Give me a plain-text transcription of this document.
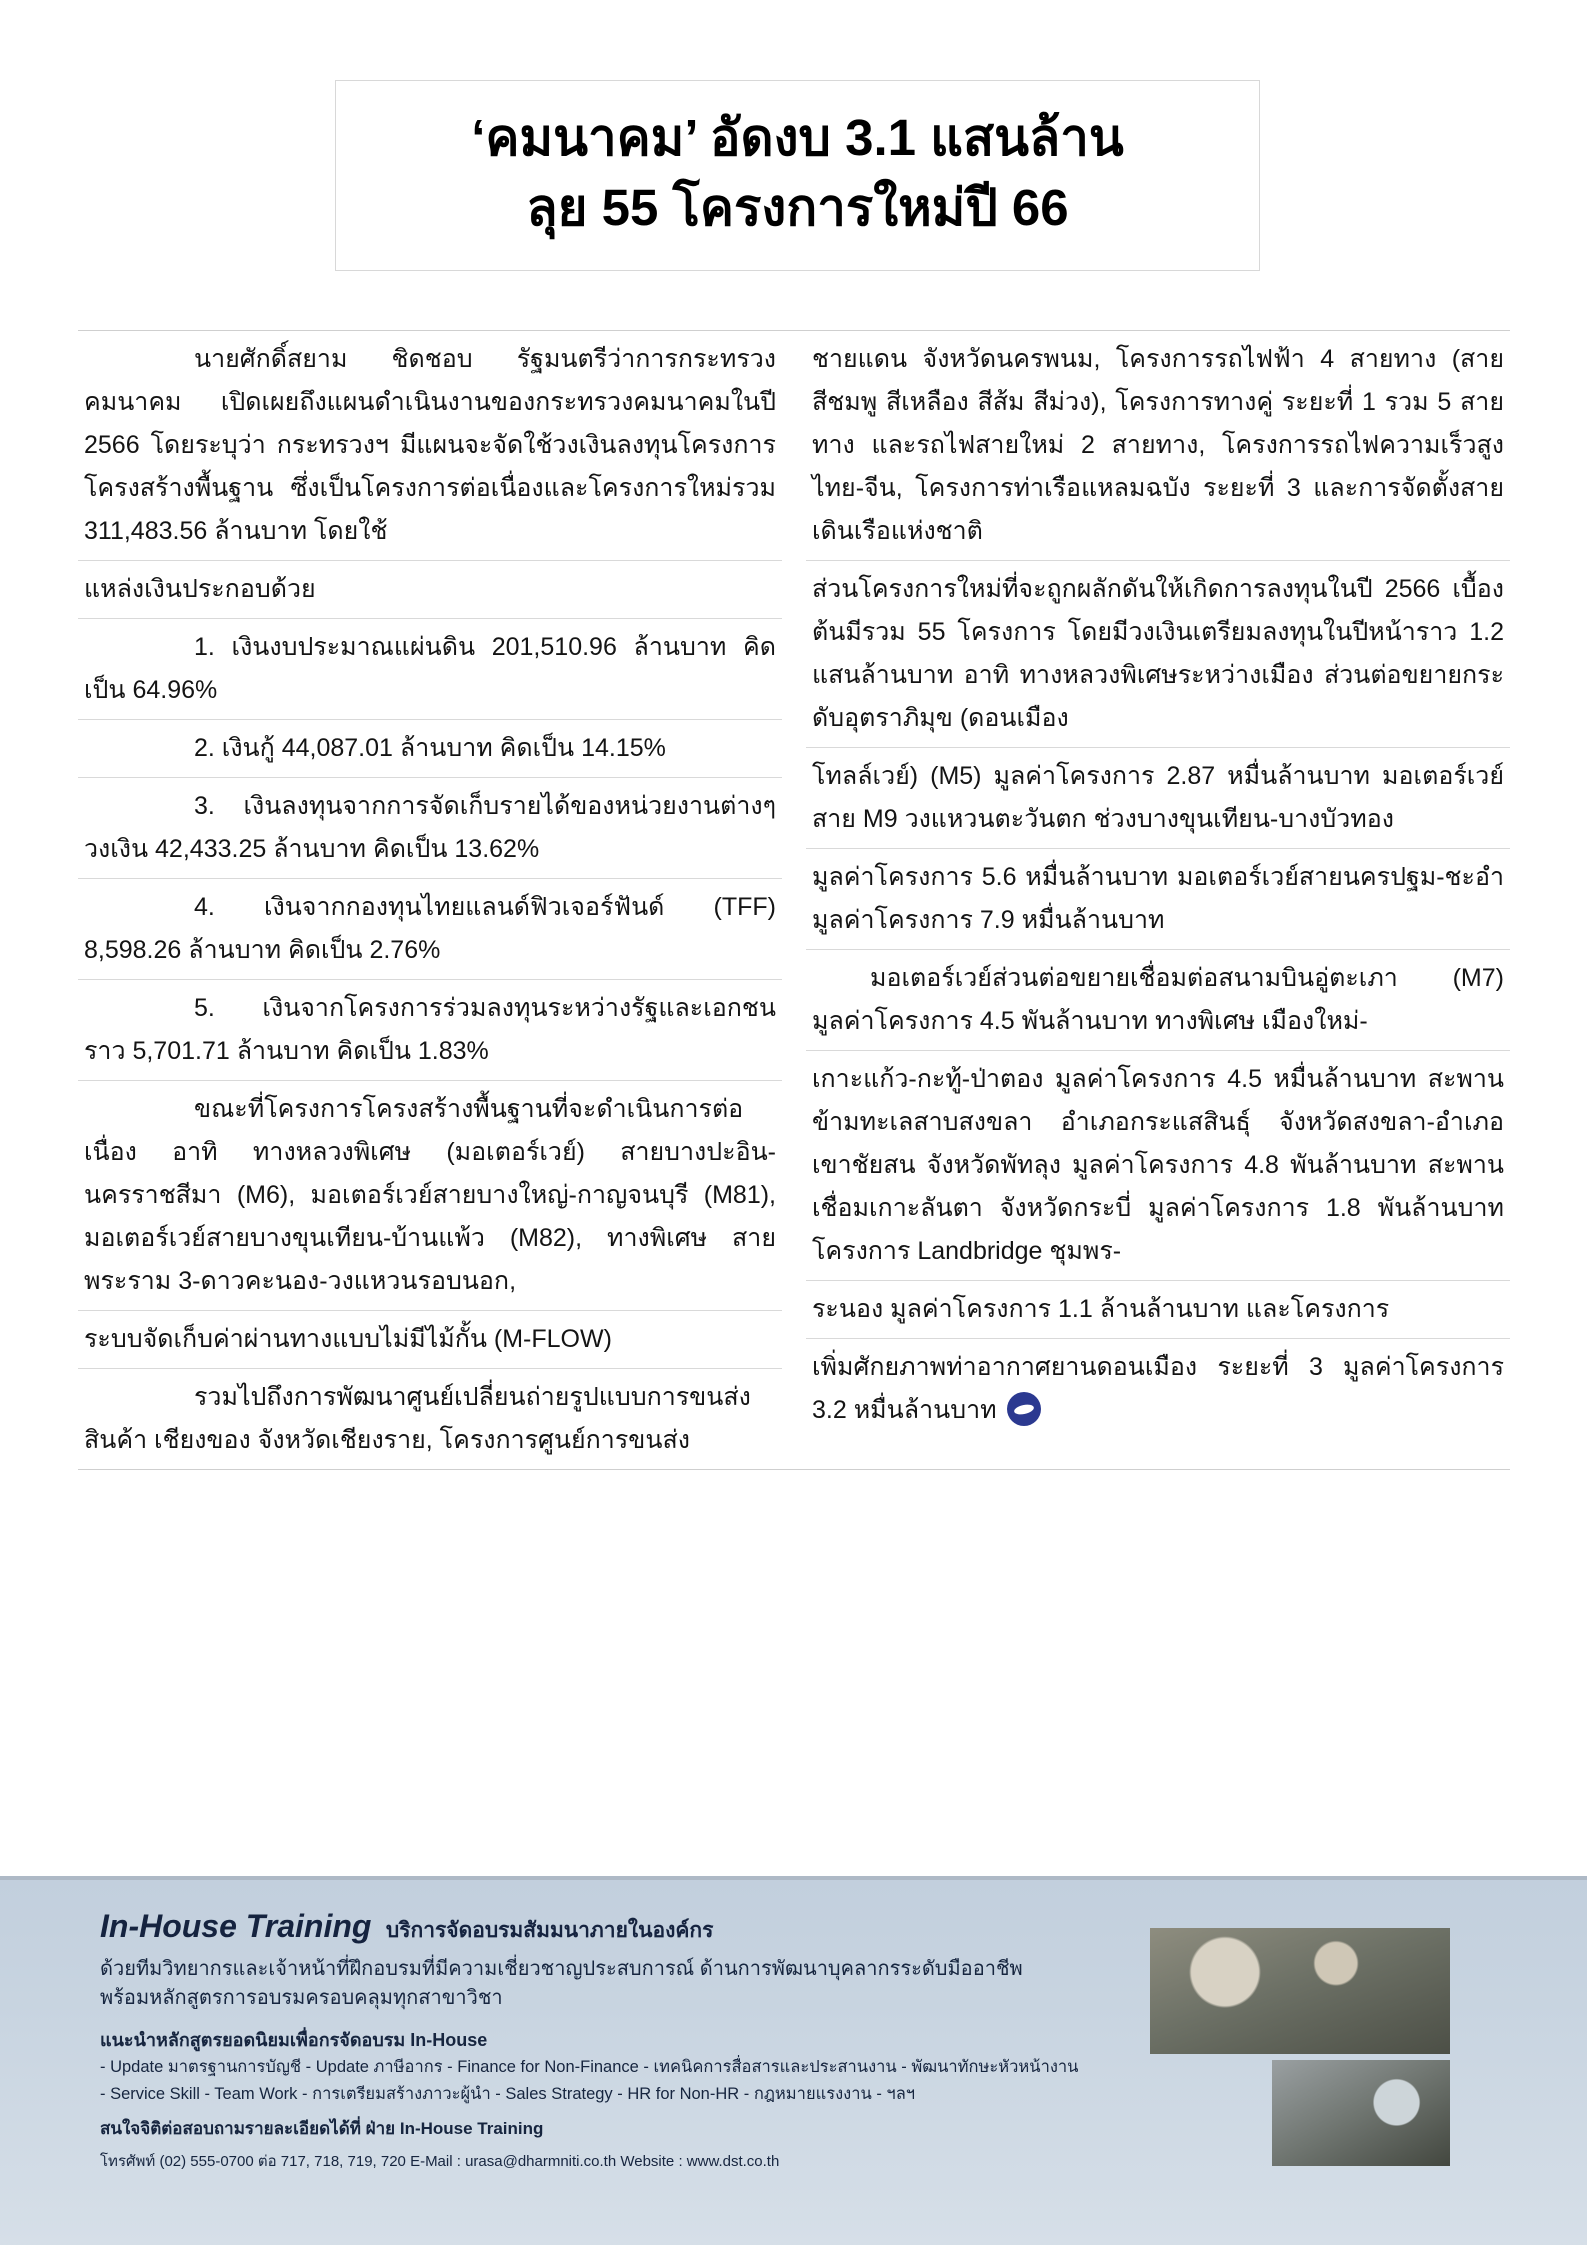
‘คมนาคม’ อัดงบ 3.1 แสนล้าน
ลุย 55 โครงการใหม่ปี 66

นายศักดิ์สยาม ชิดชอบ รัฐมนตรีว่าการกระทรวงคมนาคม เปิดเผยถึงแผนดําเนินงานของกระทรวงคมนาคมในปี 2566 โดยระบุว่า กระทรวงฯ มีแผนจะจัดใช้วงเงินลงทุนโครงการโครงสร้างพื้นฐาน ซึ่งเป็นโครงการต่อเนื่องและโครงการใหม่รวม 311,483.56 ล้านบาท โดยใช้

แหล่งเงินประกอบด้วย

1. เงินงบประมาณแผ่นดิน 201,510.96 ล้านบาท คิดเป็น 64.96%

2. เงินกู้ 44,087.01 ล้านบาท คิดเป็น 14.15%

3. เงินลงทุนจากการจัดเก็บรายได้ของหน่วยงานต่างๆ วงเงิน 42,433.25 ล้านบาท คิดเป็น 13.62%

4. เงินจากกองทุนไทยแลนด์ฟิวเจอร์ฟันด์ (TFF) 8,598.26 ล้านบาท คิดเป็น 2.76%

5. เงินจากโครงการร่วมลงทุนระหว่างรัฐและเอกชน ราว 5,701.71 ล้านบาท คิดเป็น 1.83%

ขณะที่โครงการโครงสร้างพื้นฐานที่จะดําเนินการต่อเนื่อง อาทิ ทางหลวงพิเศษ (มอเตอร์เวย์) สายบางปะอิน-นครราชสีมา (M6), มอเตอร์เวย์สายบางใหญ่-กาญจนบุรี (M81), มอเตอร์เวย์สายบางขุนเทียน-บ้านแพ้ว (M82), ทางพิเศษ สายพระราม 3-ดาวคะนอง-วงแหวนรอบนอก,

ระบบจัดเก็บค่าผ่านทางแบบไม่มีไม้กั้น (M-FLOW)

รวมไปถึงการพัฒนาศูนย์เปลี่ยนถ่ายรูปแบบการขนส่งสินค้า เชียงของ จังหวัดเชียงราย, โครงการศูนย์การขนส่ง

ชายแดน จังหวัดนครพนม, โครงการรถไฟฟ้า 4 สายทาง (สายสีชมพู สีเหลือง สีส้ม สีม่วง), โครงการทางคู่ ระยะที่ 1 รวม 5 สายทาง และรถไฟสายใหม่ 2 สายทาง, โครงการรถไฟความเร็วสูง ไทย-จีน, โครงการท่าเรือแหลมฉบัง ระยะที่ 3 และการจัดตั้งสายเดินเรือแห่งชาติ

ส่วนโครงการใหม่ที่จะถูกผลักดันให้เกิดการลงทุนในปี 2566 เบื้องต้นมีรวม 55 โครงการ โดยมีวงเงินเตรียมลงทุนในปีหน้าราว 1.2 แสนล้านบาท อาทิ ทางหลวงพิเศษระหว่างเมือง ส่วนต่อขยายกระดับอุตราภิมุข (ดอนเมือง

โทลล์เวย์) (M5) มูลค่าโครงการ 2.87 หมื่นล้านบาท มอเตอร์เวย์สาย M9 วงแหวนตะวันตก ช่วงบางขุนเทียน-บางบัวทอง

มูลค่าโครงการ 5.6 หมื่นล้านบาท มอเตอร์เวย์สายนครปฐม-ชะอํา มูลค่าโครงการ 7.9 หมื่นล้านบาท

มอเตอร์เวย์ส่วนต่อขยายเชื่อมต่อสนามบินอู่ตะเภา (M7) มูลค่าโครงการ 4.5 พันล้านบาท ทางพิเศษ เมืองใหม่-

เกาะแก้ว-กะทู้-ป่าตอง มูลค่าโครงการ 4.5 หมื่นล้านบาท สะพานข้ามทะเลสาบสงขลา อําเภอกระแสสินธุ์ จังหวัดสงขลา-อําเภอเขาชัยสน จังหวัดพัทลุง มูลค่าโครงการ 4.8 พันล้านบาท สะพานเชื่อมเกาะลันตา จังหวัดกระบี่ มูลค่าโครงการ 1.8 พันล้านบาท โครงการ Landbridge ชุมพร-

ระนอง มูลค่าโครงการ 1.1 ล้านล้านบาท และโครงการ

เพิ่มศักยภาพท่าอากาศยานดอนเมือง ระยะที่ 3 มูลค่าโครงการ 3.2 หมื่นล้านบาท

In-House Training บริการจัดอบรมสัมมนาภายในองค์กร
ด้วยทีมวิทยากรและเจ้าหน้าที่ฝึกอบรมที่มีความเชี่ยวชาญประสบการณ์ ด้านการพัฒนาบุคลากรระดับมืออาชีพ
พร้อมหลักสูตรการอบรมครอบคลุมทุกสาขาวิชา
แนะนําหลักสูตรยอดนิยมเพื่อกรจัดอบรม In-House
- Update มาตรฐานการบัญชี - Update ภาษีอากร - Finance for Non-Finance - เทคนิคการสื่อสารและประสานงาน - พัฒนาทักษะหัวหน้างาน
- Service Skill - Team Work - การเตรียมสร้างภาวะผู้นํา - Sales Strategy - HR for Non-HR - กฎหมายแรงงาน - ฯลฯ
สนใจจิติต่อสอบถามรายละเอียดได้ที่ ฝ่าย In-House Training
โทรศัพท์ (02) 555-0700 ต่อ 717, 718, 719, 720 E-Mail : urasa@dharmniti.co.th Website : www.dst.co.th
